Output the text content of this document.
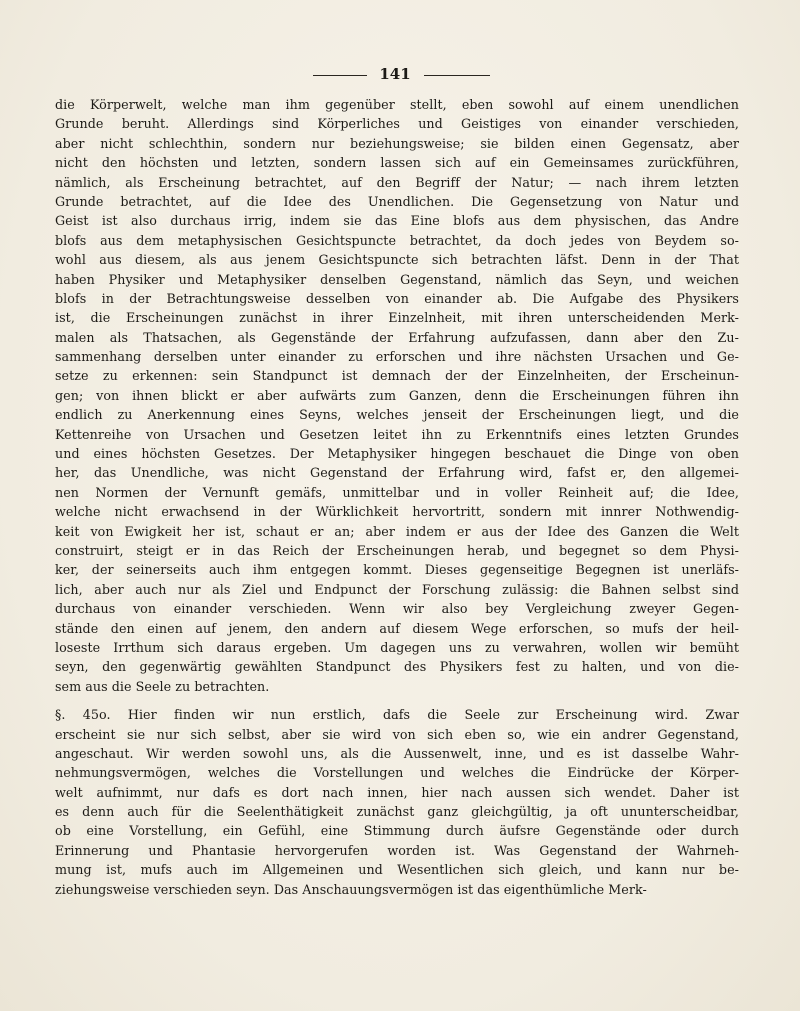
141
die Körperwelt, welche man ihm gegenüber stellt, eben sowohl auf einem unendlichen
Grunde beruht. Allerdings sind Körperliches und Geistiges von einander verschieden,
aber nicht schlechthin, sondern nur beziehungsweise; sie bilden einen Gegensatz, aber
nicht den höchsten und letzten, sondern lassen sich auf ein Gemeinsames zurückführen,
nämlich, als Erscheinung betrachtet, auf den Begriff der Natur; — nach ihrem letzten
Grunde betrachtet, auf die Idee des Unendlichen. Die Gegensetzung von Natur und
Geist ist also durchaus irrig, indem sie das Eine blofs aus dem physischen, das Andre
blofs aus dem metaphysischen Gesichtspuncte betrachtet, da doch jedes von Beydem so-
wohl aus diesem, als aus jenem Gesichtspuncte sich betrachten läfst. Denn in der That
haben Physiker und Metaphysiker denselben Gegenstand, nämlich das Seyn, und weichen
blofs in der Betrachtungsweise desselben von einander ab. Die Aufgabe des Physikers
ist, die Erscheinungen zunächst in ihrer Einzelnheit, mit ihren unterscheidenden Merk-
malen als Thatsachen, als Gegenstände der Erfahrung aufzufassen, dann aber den Zu-
sammenhang derselben unter einander zu erforschen und ihre nächsten Ursachen und Ge-
setze zu erkennen: sein Standpunct ist demnach der der Einzelnheiten, der Erscheinun-
gen; von ihnen blickt er aber aufwärts zum Ganzen, denn die Erscheinungen führen ihn
endlich zu Anerkennung eines Seyns, welches jenseit der Erscheinungen liegt, und die
Kettenreihe von Ursachen und Gesetzen leitet ihn zu Erkenntnifs eines letzten Grundes
und eines höchsten Gesetzes. Der Metaphysiker hingegen beschauet die Dinge von oben
her, das Unendliche, was nicht Gegenstand der Erfahrung wird, fafst er, den allgemei-
nen Normen der Vernunft gemäfs, unmittelbar und in voller Reinheit auf; die Idee,
welche nicht erwachsend in der Würklichkeit hervortritt, sondern mit innrer Nothwendig-
keit von Ewigkeit her ist, schaut er an; aber indem er aus der Idee des Ganzen die Welt
construirt, steigt er in das Reich der Erscheinungen herab, und begegnet so dem Physi-
ker, der seinerseits auch ihm entgegen kommt. Dieses gegenseitige Begegnen ist unerläfs-
lich, aber auch nur als Ziel und Endpunct der Forschung zulässig: die Bahnen selbst sind
durchaus von einander verschieden. Wenn wir also bey Vergleichung zweyer Gegen-
stände den einen auf jenem, den andern auf diesem Wege erforschen, so mufs der heil-
loseste Irrthum sich daraus ergeben. Um dagegen uns zu verwahren, wollen wir bemüht
seyn, den gegenwärtig gewählten Standpunct des Physikers fest zu halten, und von die-
sem aus die Seele zu betrachten.
§. 45o. Hier finden wir nun erstlich, dafs die Seele zur Erscheinung wird. Zwar
erscheint sie nur sich selbst, aber sie wird von sich eben so, wie ein andrer Gegenstand,
angeschaut. Wir werden sowohl uns, als die Aussenwelt, inne, und es ist dasselbe Wahr-
nehmungsvermögen, welches die Vorstellungen und welches die Eindrücke der Körper-
welt aufnimmt, nur dafs es dort nach innen, hier nach aussen sich wendet. Daher ist
es denn auch für die Seelenthätigkeit zunächst ganz gleichgültig, ja oft ununterscheidbar,
ob eine Vorstellung, ein Gefühl, eine Stimmung durch äufsre Gegenstände oder durch
Erinnerung und Phantasie hervorgerufen worden ist. Was Gegenstand der Wahrneh-
mung ist, mufs auch im Allgemeinen und Wesentlichen sich gleich, und kann nur be-
ziehungsweise verschieden seyn. Das Anschauungsvermögen ist das eigenthümliche Merk-
